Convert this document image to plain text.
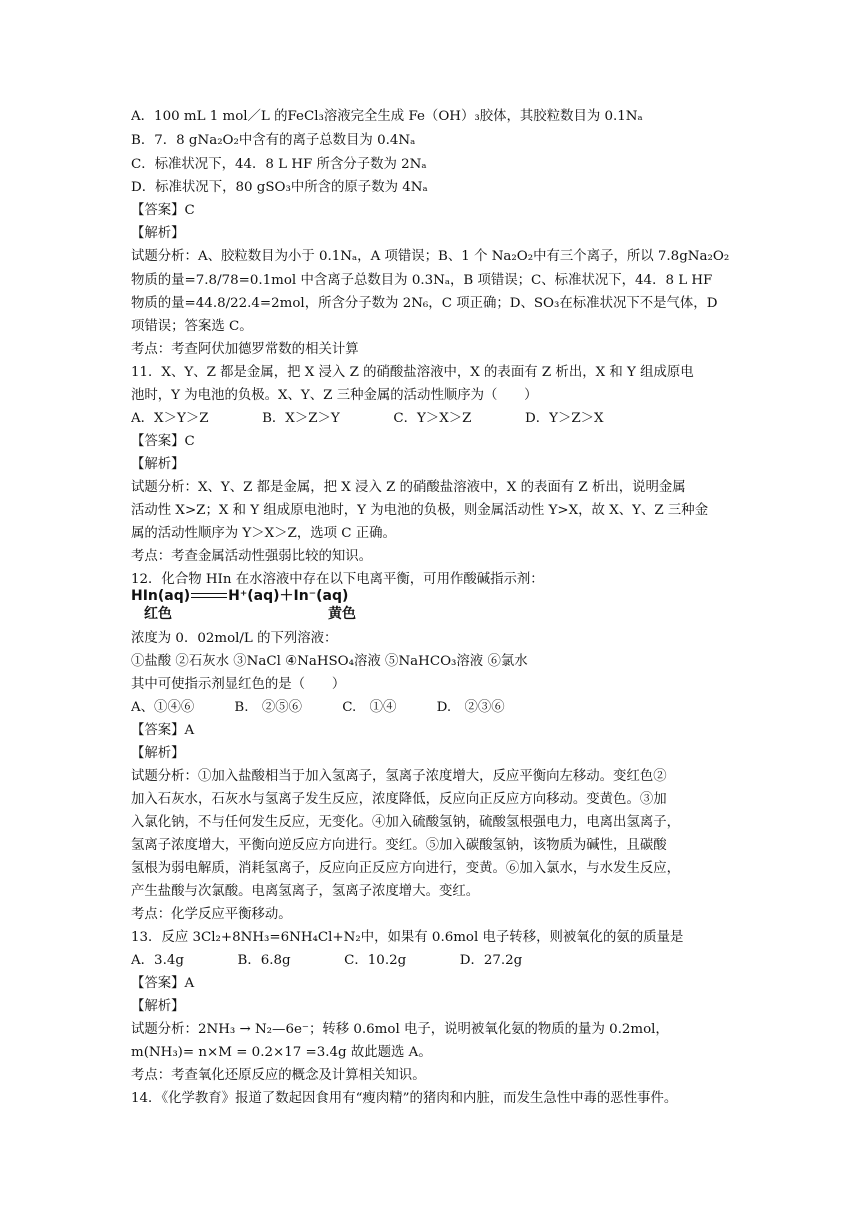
A．100 mL 1 mol／L 的FeCl₃溶液完全生成 Fe（OH）₃胶体，其胶粒数目为 0.1Nₐ
B．7．8 gNa₂O₂中含有的离子总数目为 0.4Nₐ
C．标准状况下，44．8 L HF 所含分子数为 2Nₐ
D．标准状况下，80 gSO₃中所含的原子数为 4Nₐ
【答案】C
【解析】
试题分析：A、胶粒数目为小于 0.1Nₐ，A 项错误；B、1 个 Na₂O₂中有三个离子，所以 7.8gNa₂O₂
物质的量=7.8/78=0.1mol 中含离子总数目为 0.3Nₐ，B 项错误；C、标准状况下，44．8 L HF
物质的量=44.8/22.4=2mol，所含分子数为 2N₆，C 项正确；D、SO₃在标准状况下不是气体，D
项错误；答案选 C。
考点：考查阿伏加德罗常数的相关计算
11．X、Y、Z 都是金属，把 X 浸入 Z 的硝酸盐溶液中，X 的表面有 Z 析出，X 和 Y 组成原电
池时，Y 为电池的负极。X、Y、Z 三种金属的活动性顺序为（　　）
A．X＞Y＞Z　　　　B．X＞Z＞Y　　　　C．Y＞X＞Z　　　　D．Y＞Z＞X
【答案】C
【解析】
试题分析：X、Y、Z 都是金属，把 X 浸入 Z 的硝酸盐溶液中，X 的表面有 Z 析出，说明金属
活动性 X>Z；X 和 Y 组成原电池时，Y 为电池的负极，则金属活动性 Y>X，故 X、Y、Z 三种金
属的活动性顺序为 Y＞X＞Z，选项 C 正确。
考点：考查金属活动性强弱比较的知识。
12．化合物 HIn 在水溶液中存在以下电离平衡，可用作酸碱指示剂：
HIn(aq)	H⁺(aq)＋In⁻(aq)
红色	黄色
浓度为 0．02mol/L 的下列溶液：
①盐酸 ②石灰水 ③NaCl ④NaHSO₄溶液 ⑤NaHCO₃溶液 ⑥氯水
其中可使指示剂显红色的是（　　）
A、①④⑥　　　B.　②⑤⑥　　　C.　①④　　　D.　②③⑥
【答案】A
【解析】
试题分析：①加入盐酸相当于加入氢离子，氢离子浓度增大，反应平衡向左移动。变红色②
加入石灰水，石灰水与氢离子发生反应，浓度降低，反应向正反应方向移动。变黄色。③加
入氯化钠，不与任何发生反应，无变化。④加入硫酸氢钠，硫酸氢根强电力，电离出氢离子，
氢离子浓度增大，平衡向逆反应方向进行。变红。⑤加入碳酸氢钠，该物质为碱性，且碳酸
氢根为弱电解质，消耗氢离子，反应向正反应方向进行，变黄。⑥加入氯水，与水发生反应，
产生盐酸与次氯酸。电离氢离子，氢离子浓度增大。变红。
考点：化学反应平衡移动。
13．反应 3Cl₂+8NH₃=6NH₄Cl+N₂中，如果有 0.6mol 电子转移，则被氧化的氨的质量是
A．3.4g　　　　B．6.8g　　　　C．10.2g　　　　D．27.2g
【答案】A
【解析】
试题分析：2NH₃ → N₂—6e⁻；转移 0.6mol 电子，说明被氧化氨的物质的量为 0.2mol，
m(NH₃)= n×M = 0.2×17 =3.4g 故此题选 A。
考点：考查氧化还原反应的概念及计算相关知识。
14．《化学教育》报道了数起因食用有“瘦肉精”的猪肉和内脏，而发生急性中毒的恶性事件。
